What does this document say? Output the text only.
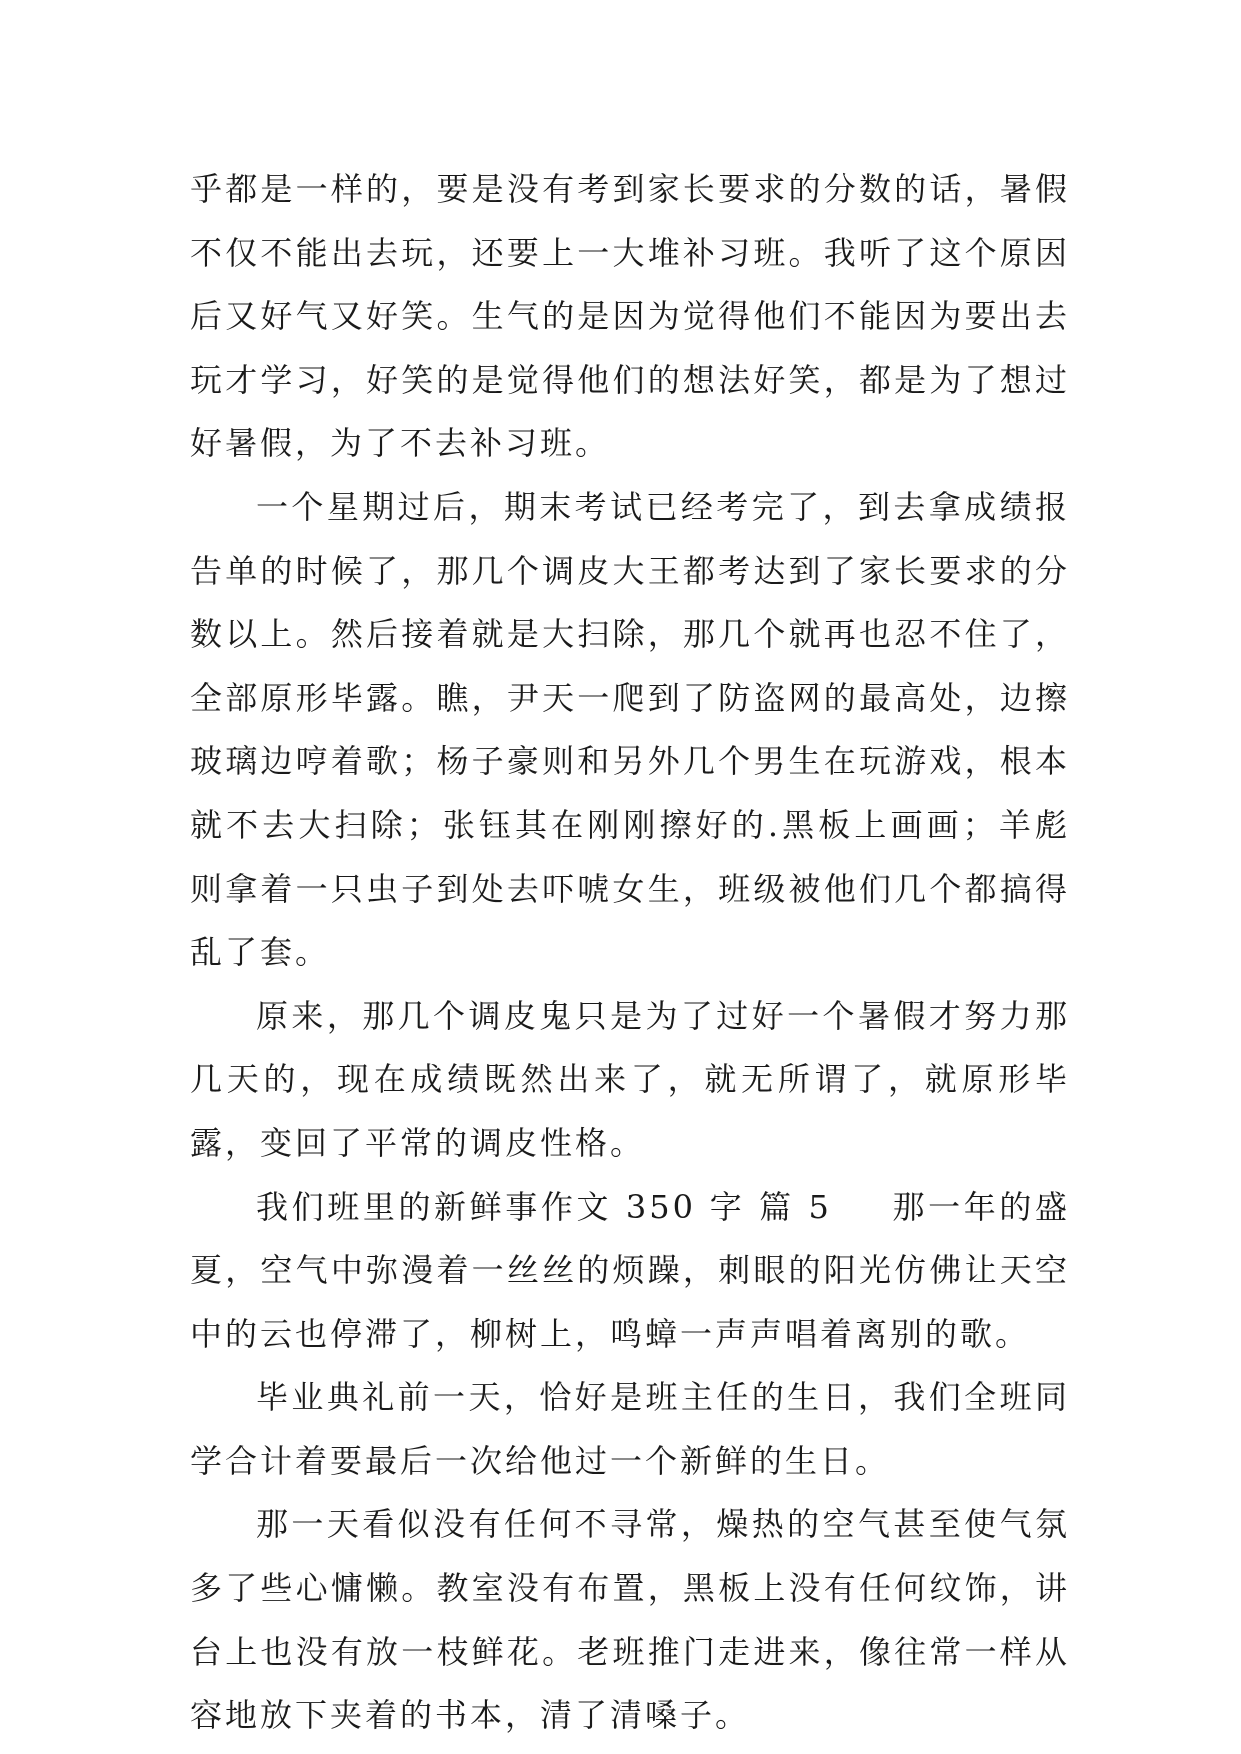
乎都是一样的，要是没有考到家长要求的分数的话，暑假不仅不能出去玩，还要上一大堆补习班。我听了这个原因后又好气又好笑。生气的是因为觉得他们不能因为要出去玩才学习，好笑的是觉得他们的想法好笑，都是为了想过好暑假，为了不去补习班。

一个星期过后，期末考试已经考完了，到去拿成绩报告单的时候了，那几个调皮大王都考达到了家长要求的分数以上。然后接着就是大扫除，那几个就再也忍不住了，全部原形毕露。瞧，尹天一爬到了防盗网的最高处，边擦玻璃边哼着歌；杨子豪则和另外几个男生在玩游戏，根本就不去大扫除；张钰其在刚刚擦好的.黑板上画画；羊彪则拿着一只虫子到处去吓唬女生，班级被他们几个都搞得乱了套。

原来，那几个调皮鬼只是为了过好一个暑假才努力那几天的，现在成绩既然出来了，就无所谓了，就原形毕露，变回了平常的调皮性格。

我们班里的新鲜事作文 350 字 篇 5 那一年的盛夏，空气中弥漫着一丝丝的烦躁，刺眼的阳光仿佛让天空中的云也停滞了，柳树上，鸣蟑一声声唱着离别的歌。

毕业典礼前一天，恰好是班主任的生日，我们全班同学合计着要最后一次给他过一个新鲜的生日。

那一天看似没有任何不寻常，燥热的空气甚至使气氛多了些心慵懒。教室没有布置，黑板上没有任何纹饰，讲台上也没有放一枝鲜花。老班推门走进来，像往常一样从容地放下夹着的书本，清了清嗓子。
